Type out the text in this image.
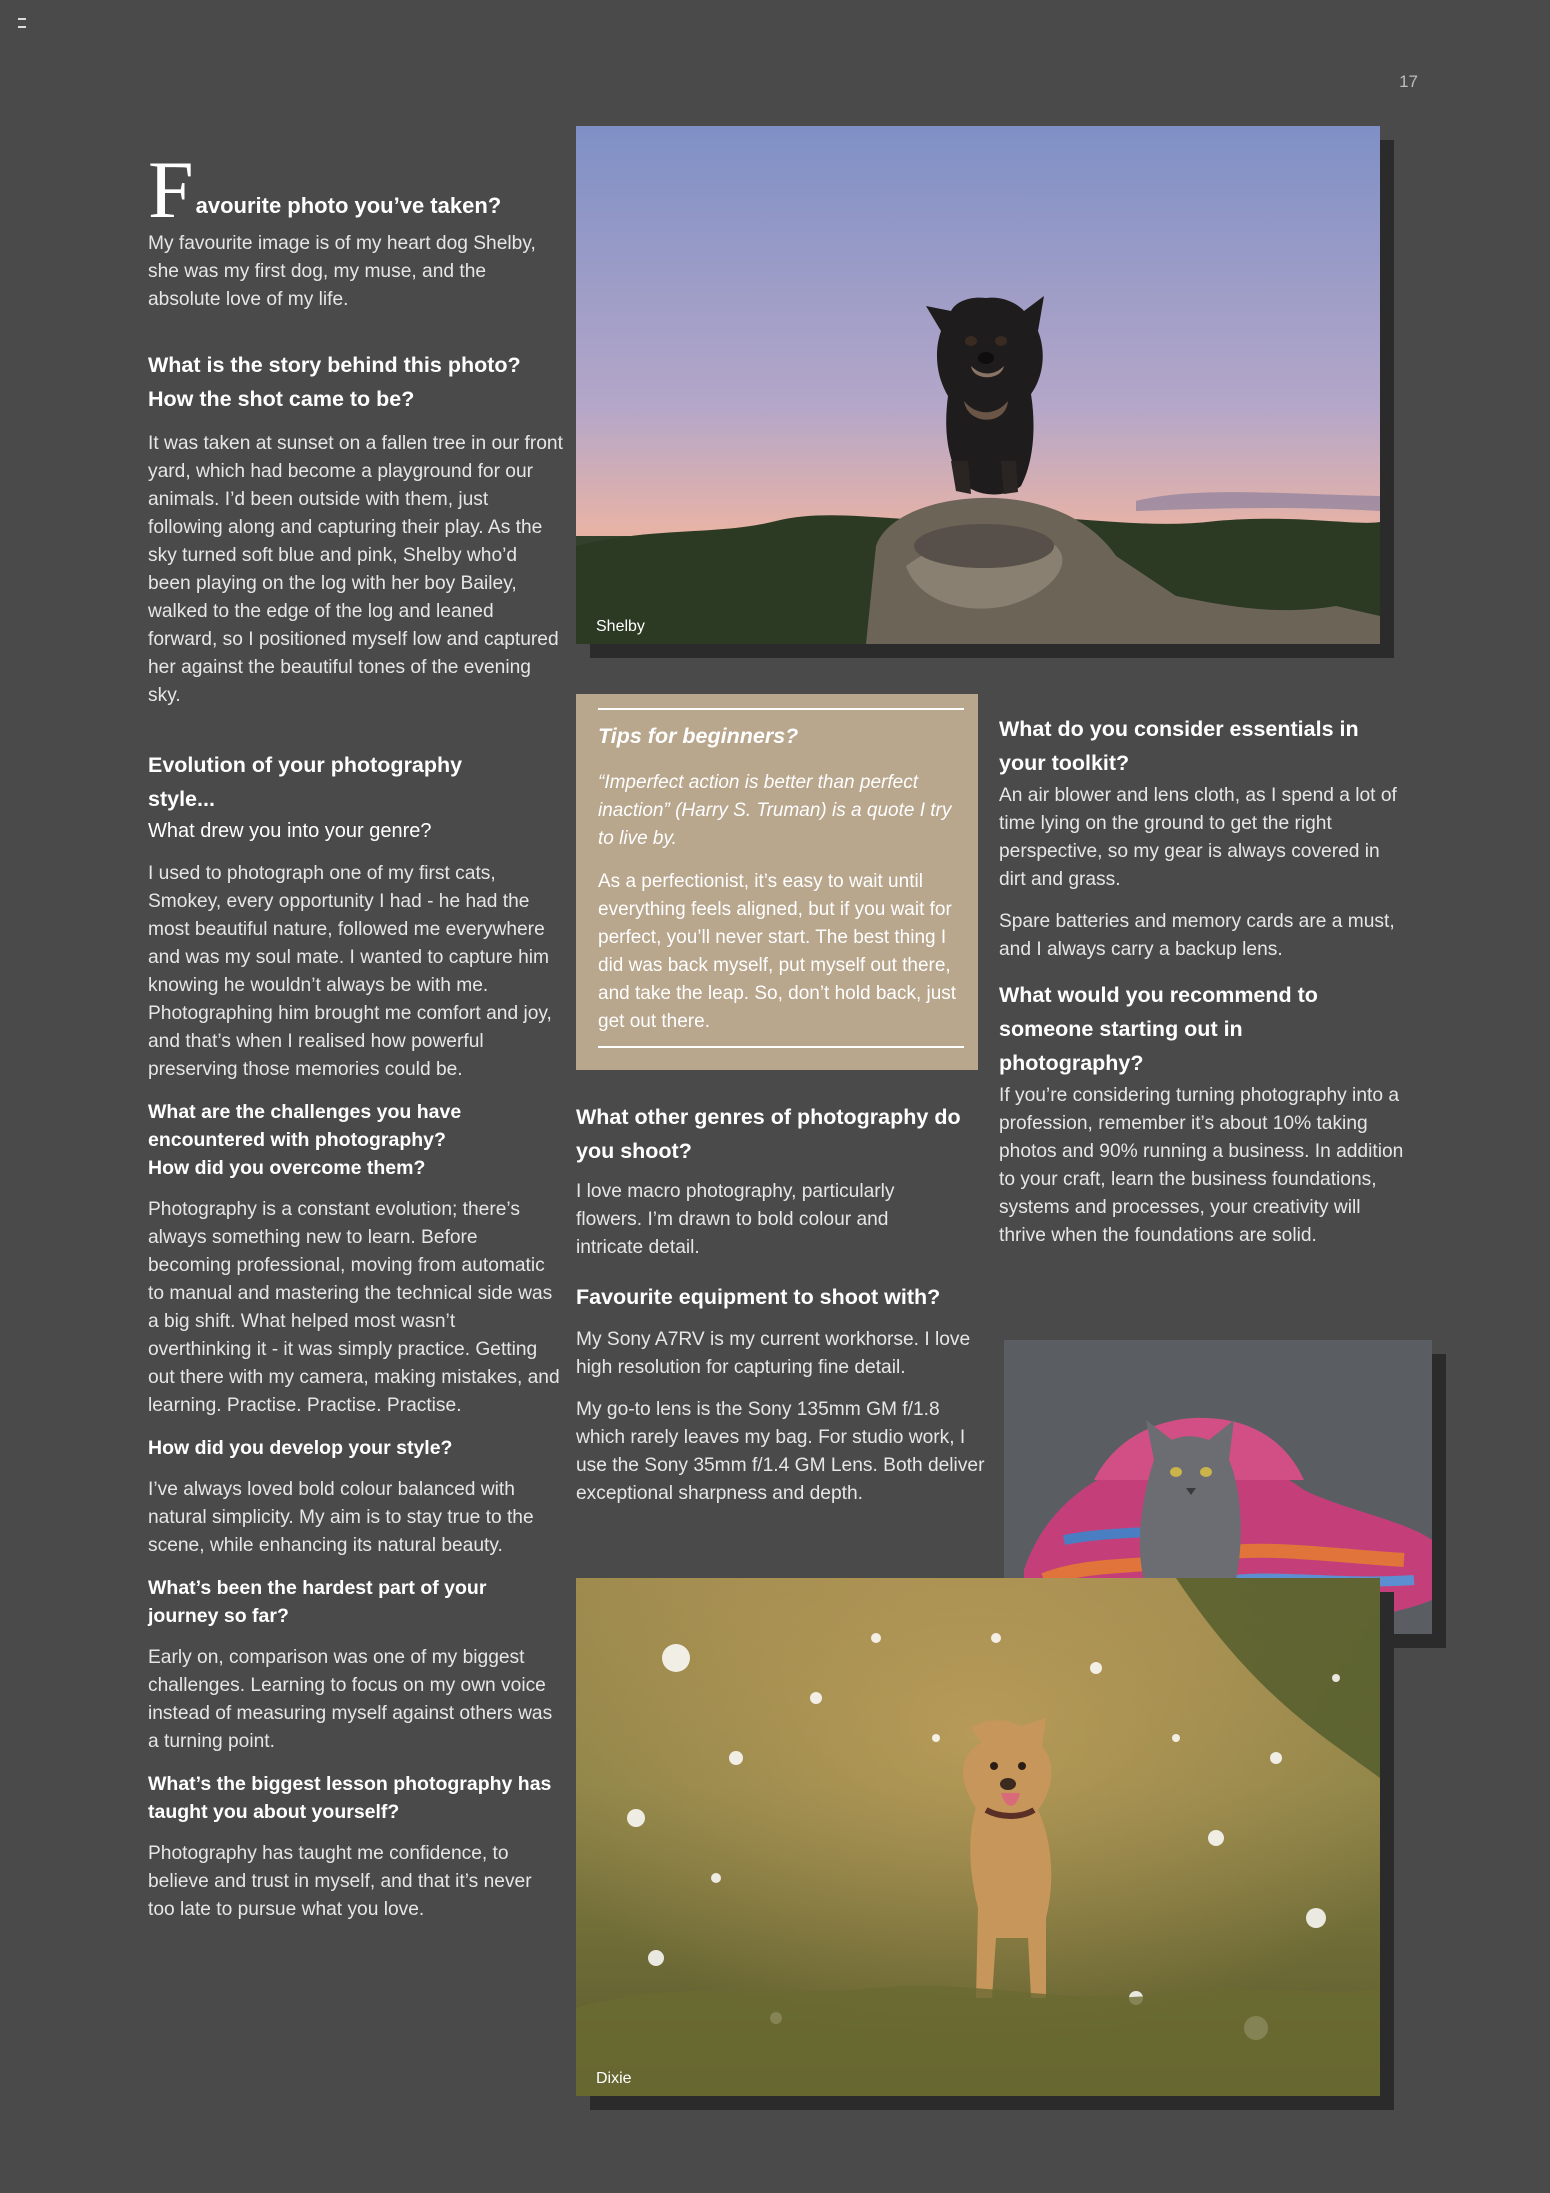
17
F avourite photo you’ve taken?

My favourite image is of my heart dog Shelby, she was my first dog, my muse, and the absolute love of my life.

What is the story behind this photo? How the shot came to be?

It was taken at sunset on a fallen tree in our front yard, which had become a playground for our animals. I’d been outside with them, just following along and capturing their play. As the sky turned soft blue and pink, Shelby who’d been playing on the log with her boy Bailey, walked to the edge of the log and leaned forward, so I positioned myself low and captured her against the beautiful tones of the evening sky.

Evolution of your photography style...
What drew you into your genre?

I used to photograph one of my first cats, Smokey, every opportunity I had - he had the most beautiful nature, followed me everywhere and was my soul mate. I wanted to capture him knowing he wouldn’t always be with me. Photographing him brought me comfort and joy, and that’s when I realised how powerful preserving those memories could be.

What are the challenges you have encountered with photography? How did you overcome them?

Photography is a constant evolution; there’s always something new to learn. Before becoming professional, moving from automatic to manual and mastering the technical side was a big shift. What helped most wasn’t overthinking it - it was simply practice. Getting out there with my camera, making mistakes, and learning. Practise. Practise. Practise.

How did you develop your style?

I’ve always loved bold colour balanced with natural simplicity. My aim is to stay true to the scene, while enhancing its natural beauty.

What’s been the hardest part of your journey so far?

Early on, comparison was one of my biggest challenges. Learning to focus on my own voice instead of measuring myself against others was a turning point.

What’s the biggest lesson photography has taught you about yourself?

Photography has taught me confidence, to believe and trust in myself, and that it’s never too late to pursue what you love.

Shelby
Tips for beginners?

“Imperfect action is better than perfect inaction” (Harry S. Truman) is a quote I try to live by.

As a perfectionist, it’s easy to wait until everything feels aligned, but if you wait for perfect, you’ll never start. The best thing I did was back myself, put myself out there, and take the leap. So, don’t hold back, just get out there.

What other genres of photography do you shoot?

I love macro photography, particularly flowers. I’m drawn to bold colour and intricate detail.

Favourite equipment to shoot with?

My Sony A7RV is my current workhorse. I love high resolution for capturing fine detail.

My go-to lens is the Sony 135mm GM f/1.8 which rarely leaves my bag. For studio work, I use the Sony 35mm f/1.4 GM Lens. Both deliver exceptional sharpness and depth.

What do you consider essentials in your toolkit?

An air blower and lens cloth, as I spend a lot of time lying on the ground to get the right perspective, so my gear is always covered in dirt and grass.

Spare batteries and memory cards are a must, and I always carry a backup lens.

What would you recommend to someone starting out in photography?

If you’re considering turning photography into a profession, remember it’s about 10% taking photos and 90% running a business. In addition to your craft, learn the business foundations, systems and processes, your creativity will thrive when the foundations are solid.

Dixie
